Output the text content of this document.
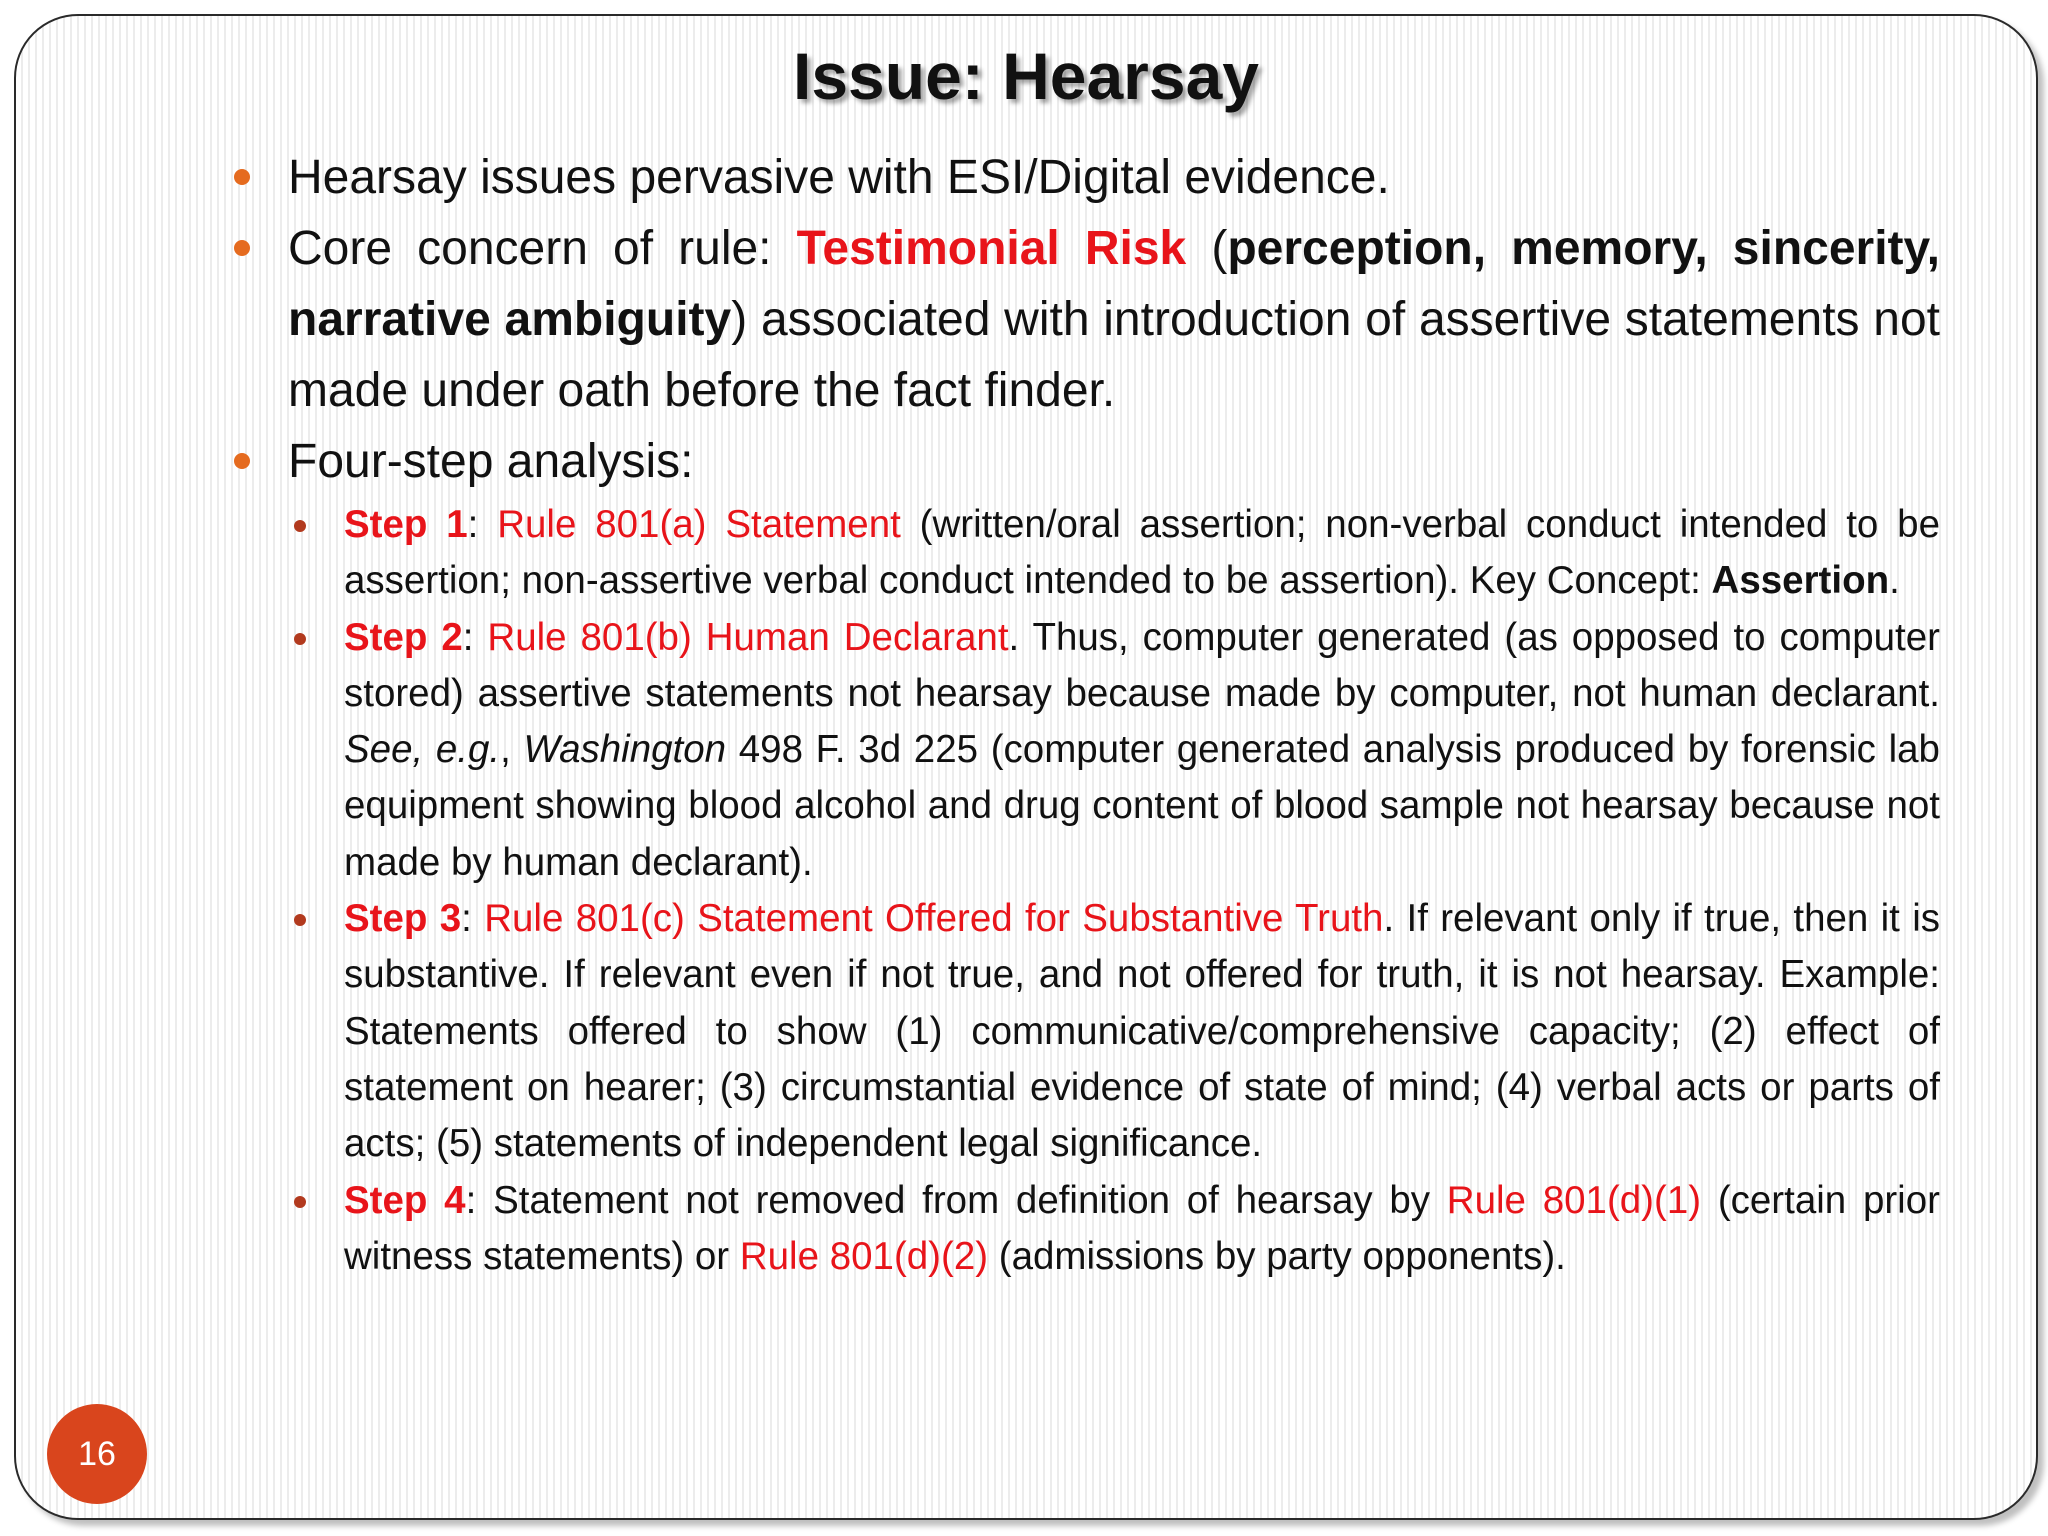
Issue: Hearsay
Hearsay issues pervasive with ESI/Digital evidence.
Core concern of rule: Testimonial Risk (perception, memory, sincerity, narrative ambiguity) associated with introduction of assertive statements not made under oath before the fact finder.
Four-step analysis:
Step 1: Rule 801(a) Statement (written/oral assertion; non-verbal conduct intended to be assertion; non-assertive verbal conduct intended to be assertion). Key Concept: Assertion.
Step 2: Rule 801(b) Human Declarant. Thus, computer generated (as opposed to computer stored) assertive statements not hearsay because made by computer, not human declarant. See, e.g., Washington 498 F. 3d 225 (computer generated analysis produced by forensic lab equipment showing blood alcohol and drug content of blood sample not hearsay because not made by human declarant).
Step 3: Rule 801(c) Statement Offered for Substantive Truth. If relevant only if true, then it is substantive. If relevant even if not true, and not offered for truth, it is not hearsay. Example: Statements offered to show (1) communicative/comprehensive capacity; (2) effect of statement on hearer; (3) circumstantial evidence of state of mind; (4) verbal acts or parts of acts; (5) statements of independent legal significance.
Step 4: Statement not removed from definition of hearsay by Rule 801(d)(1) (certain prior witness statements) or Rule 801(d)(2) (admissions by party opponents).
16
